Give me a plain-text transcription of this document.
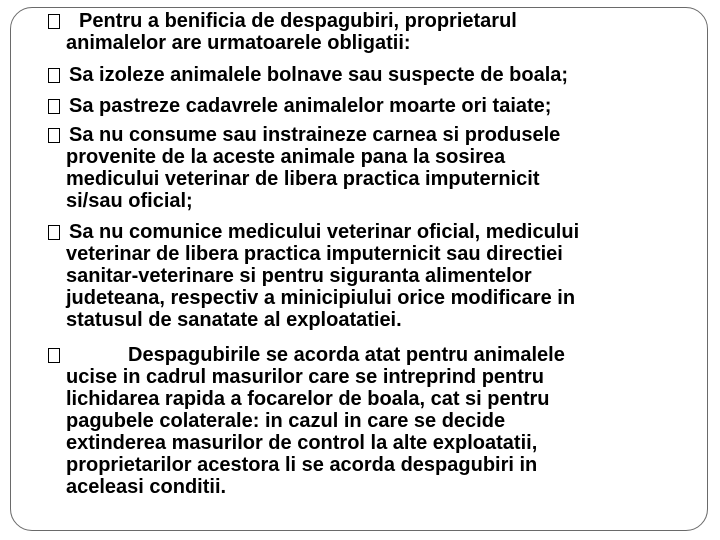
Pentru a benificia de despagubiri, proprietarul
animalelor are urmatoarele obligatii:
Sa izoleze animalele bolnave sau suspecte de boala;
Sa pastreze cadavrele animalelor moarte ori taiate;
Sa nu consume sau instraineze carnea si produsele
provenite de la aceste animale pana la sosirea
medicului veterinar de libera practica imputernicit
si/sau oficial;
Sa nu comunice medicului veterinar oficial, medicului
veterinar de libera practica imputernicit sau directiei
sanitar-veterinare si pentru siguranta alimentelor
judeteana, respectiv a minicipiului orice modificare in
statusul de sanatate al exploatatiei.
Despagubirile se acorda atat pentru animalele
ucise in cadrul masurilor care se intreprind pentru
lichidarea rapida a focarelor de boala, cat si pentru
pagubele colaterale: in cazul in care se decide
extinderea masurilor de control la alte exploatatii,
proprietarilor acestora li se acorda despagubiri in
aceleasi conditii.
